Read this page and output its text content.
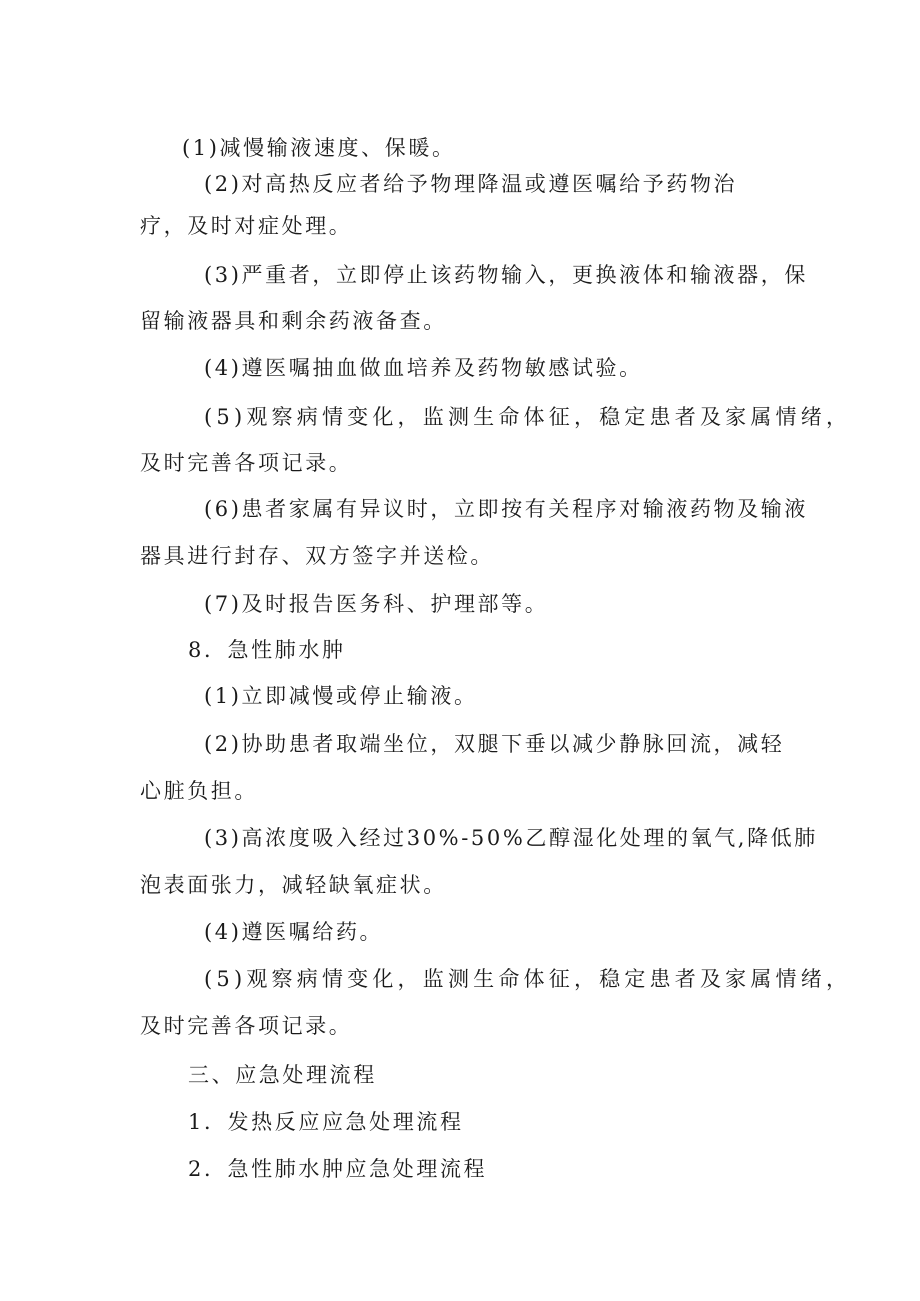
(1)减慢输液速度、保暖。
(2)对高热反应者给予物理降温或遵医嘱给予药物治
疗，及时对症处理。
(3)严重者，立即停止该药物输入，更换液体和输液器，保
留输液器具和剩余药液备查。
(4)遵医嘱抽血做血培养及药物敏感试验。
(5)观察病情变化，监测生命体征，稳定患者及家属情绪，
及时完善各项记录。
(6)患者家属有异议时，立即按有关程序对输液药物及输液
器具进行封存、双方签字并送检。
(7)及时报告医务科、护理部等。
8．急性肺水肿
(1)立即减慢或停止输液。
(2)协助患者取端坐位，双腿下垂以减少静脉回流，减轻
心脏负担。
(3)高浓度吸入经过30%-50%乙醇湿化处理的氧气,降低肺
泡表面张力，减轻缺氧症状。
(4)遵医嘱给药。
(5)观察病情变化，监测生命体征，稳定患者及家属情绪，
及时完善各项记录。
三、应急处理流程
1．发热反应应急处理流程
2．急性肺水肿应急处理流程
